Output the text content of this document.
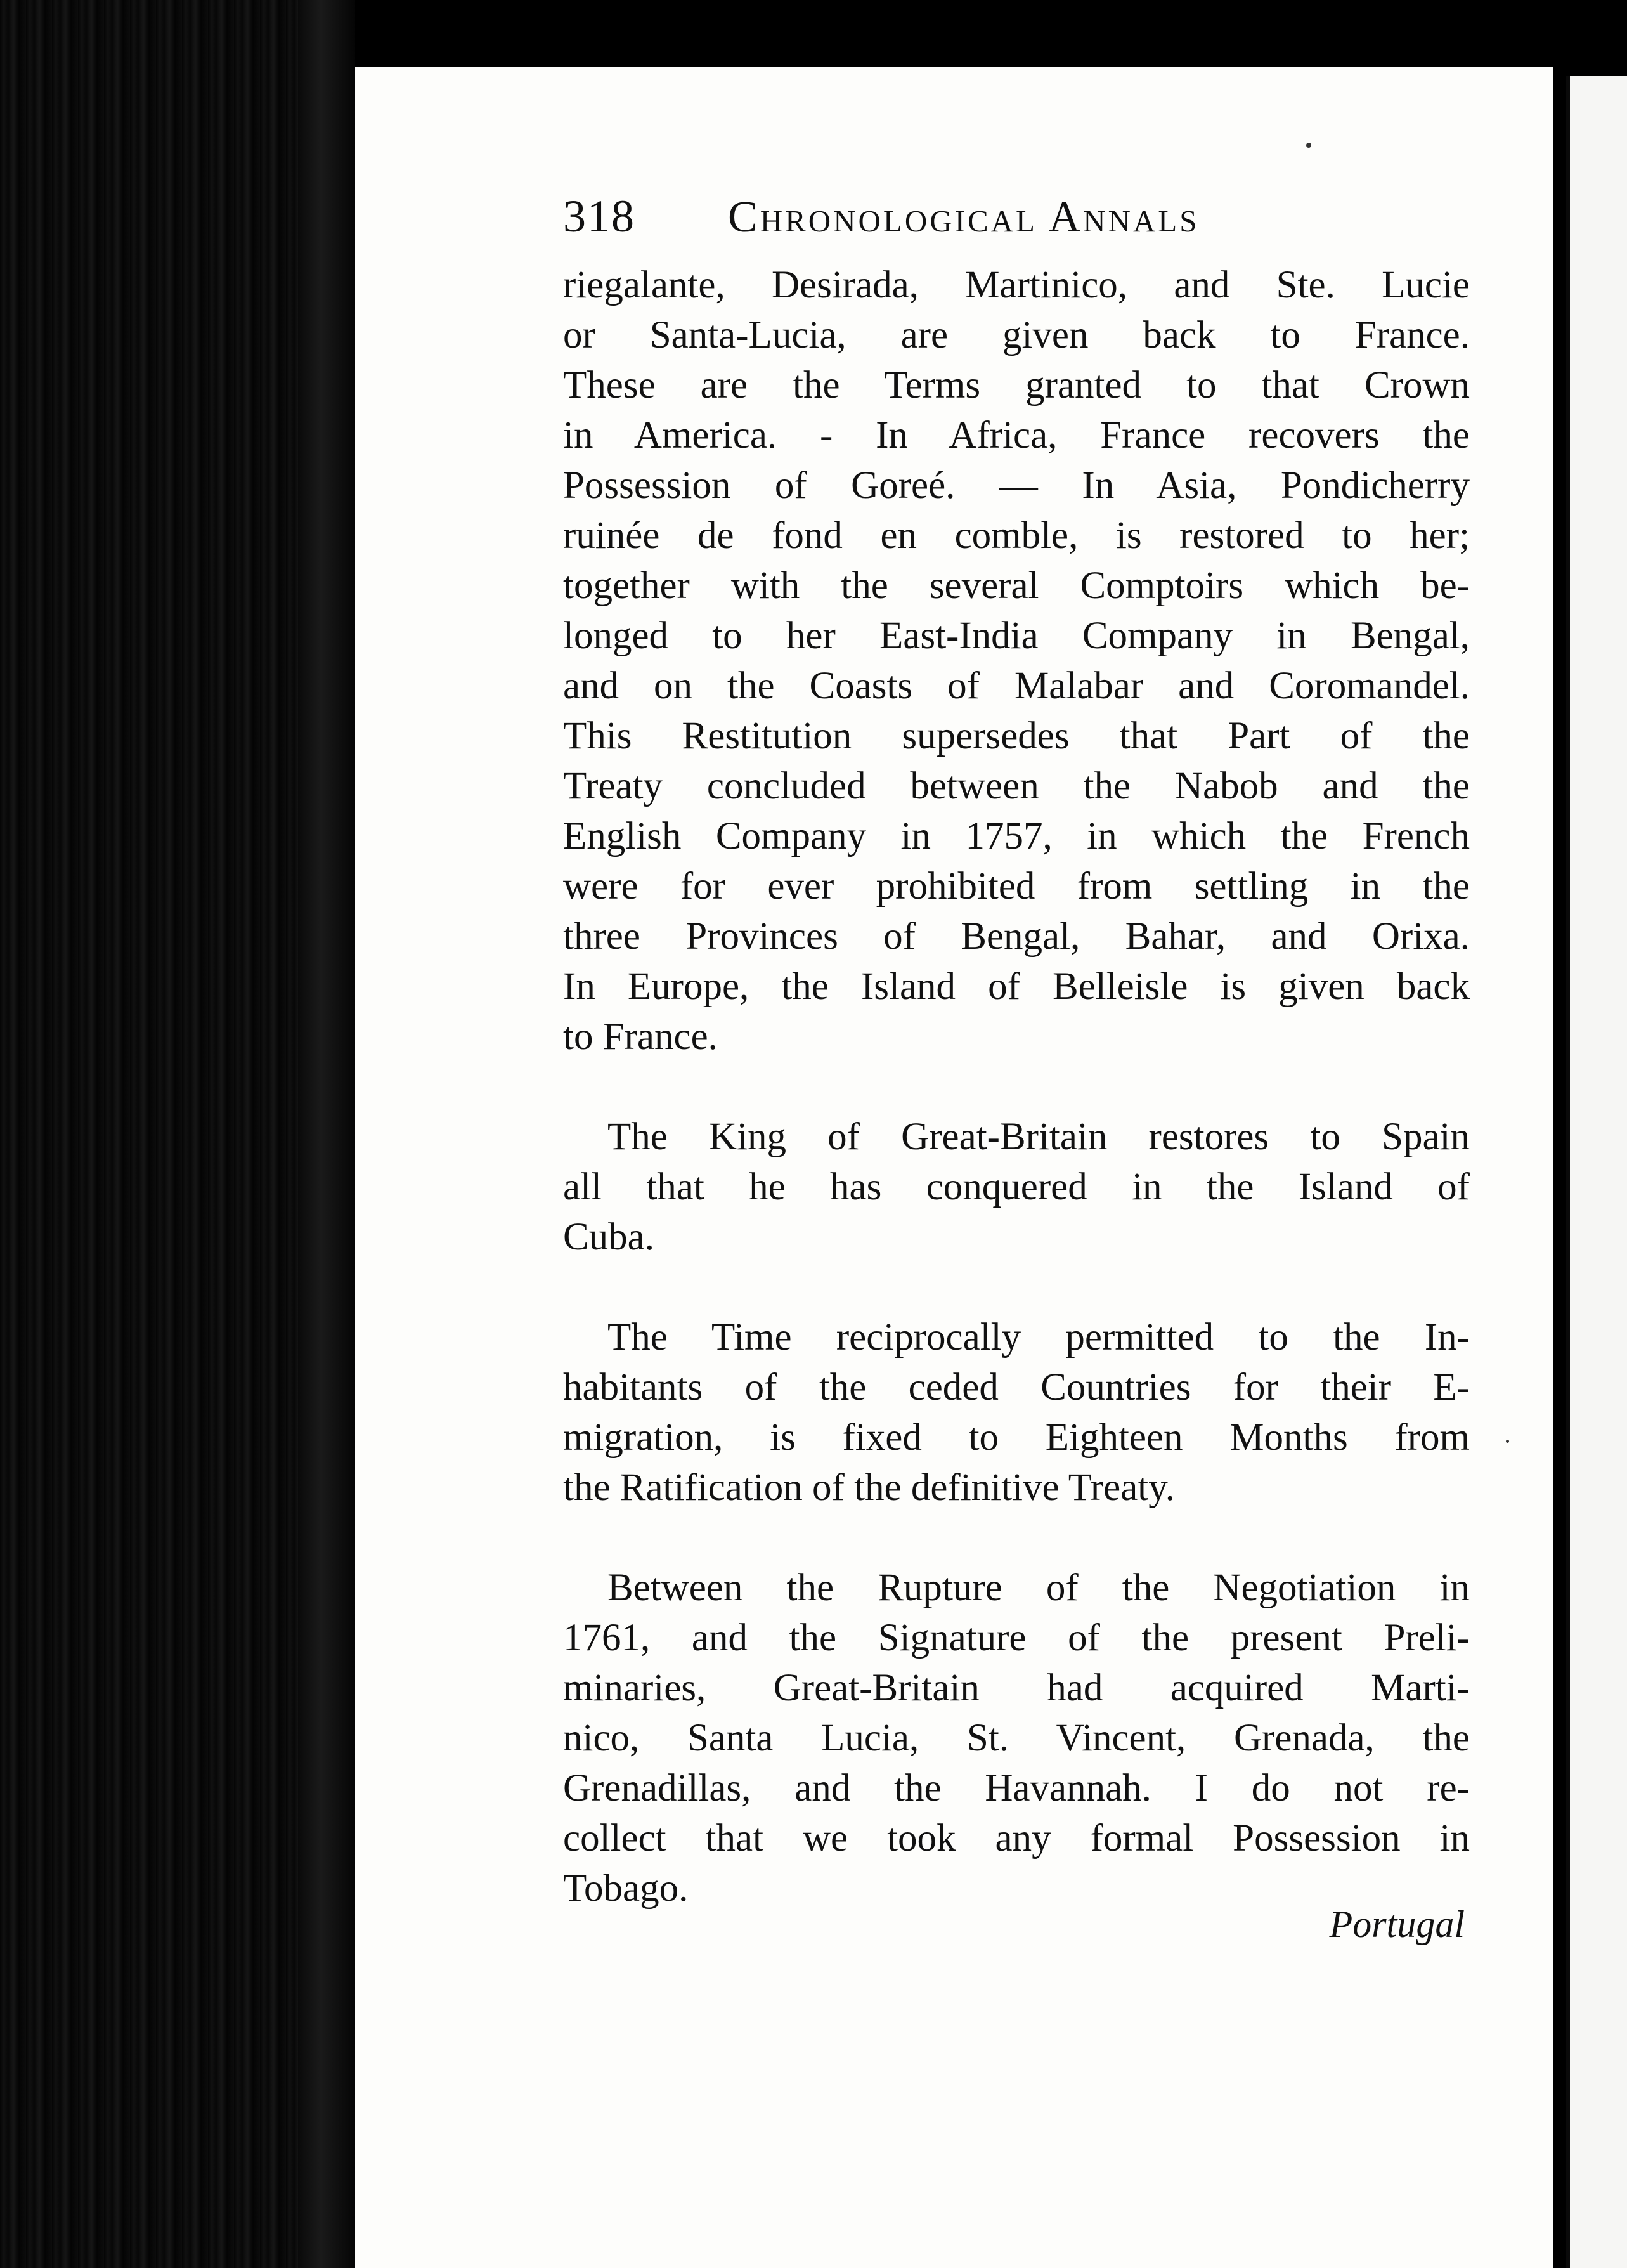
318	Chronological Annals

riegalante, Desirada, Martinico, and Ste. Lucie
or Santa-Lucia, are given back to France.
These are the Terms granted to that Crown
in America. - In Africa, France recovers the
Possession of Goreé. — In Asia, Pondicherry
ruinée de fond en comble, is restored to her;
together with the several Comptoirs which be-
longed to her East-India Company in Bengal,
and on the Coasts of Malabar and Coromandel.
This Restitution supersedes that Part of the
Treaty concluded between the Nabob and the
English Company in 1757, in which the French
were for ever prohibited from settling in the
three Provinces of Bengal, Bahar, and Orixa.
In Europe, the Island of Belleisle is given back
to France.

The King of Great-Britain restores to Spain
all that he has conquered in the Island of
Cuba.

The Time reciprocally permitted to the In-
habitants of the ceded Countries for their E-
migration, is fixed to Eighteen Months from
the Ratification of the definitive Treaty.

Between the Rupture of the Negotiation in
1761, and the Signature of the present Preli-
minaries, Great-Britain had acquired Marti-
nico, Santa Lucia, St. Vincent, Grenada, the
Grenadillas, and the Havannah. I do not re-
collect that we took any formal Possession in
Tobago.

Portugal
